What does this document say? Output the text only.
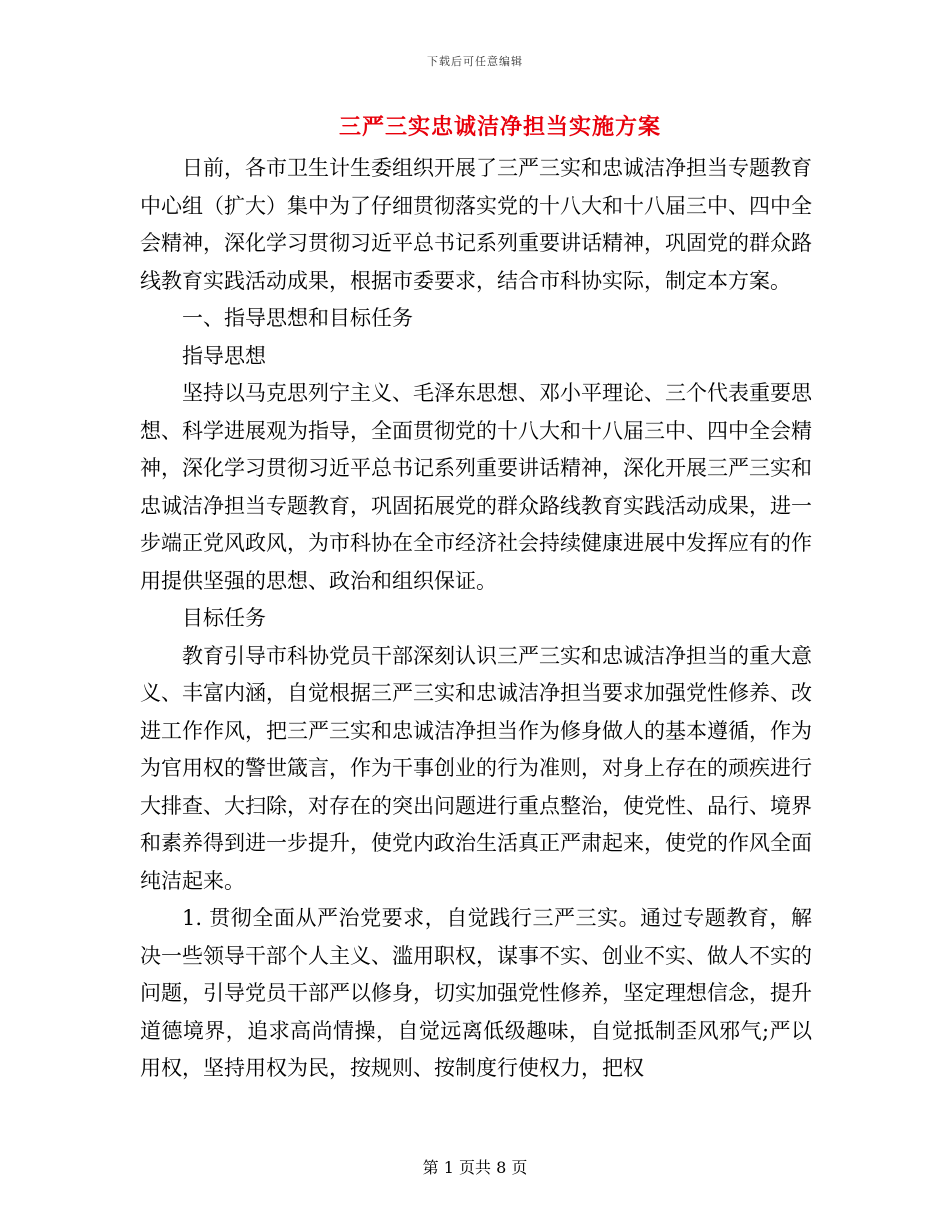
下载后可任意编辑
三严三实忠诚洁净担当实施方案

日前，各市卫生计生委组织开展了三严三实和忠诚洁净担当专题教育中心组（扩大）集中为了仔细贯彻落实党的十八大和十八届三中、四中全会精神，深化学习贯彻习近平总书记系列重要讲话精神，巩固党的群众路线教育实践活动成果，根据市委要求，结合市科协实际，制定本方案。

一、指导思想和目标任务

指导思想

坚持以马克思列宁主义、毛泽东思想、邓小平理论、三个代表重要思想、科学进展观为指导，全面贯彻党的十八大和十八届三中、四中全会精神，深化学习贯彻习近平总书记系列重要讲话精神，深化开展三严三实和忠诚洁净担当专题教育，巩固拓展党的群众路线教育实践活动成果，进一步端正党风政风，为市科协在全市经济社会持续健康进展中发挥应有的作用提供坚强的思想、政治和组织保证。

目标任务

教育引导市科协党员干部深刻认识三严三实和忠诚洁净担当的重大意义、丰富内涵，自觉根据三严三实和忠诚洁净担当要求加强党性修养、改进工作作风，把三严三实和忠诚洁净担当作为修身做人的基本遵循，作为为官用权的警世箴言，作为干事创业的行为准则，对身上存在的顽疾进行大排查、大扫除，对存在的突出问题进行重点整治，使党性、品行、境界和素养得到进一步提升，使党内政治生活真正严肃起来，使党的作风全面纯洁起来。

1. 贯彻全面从严治党要求，自觉践行三严三实。通过专题教育，解决一些领导干部个人主义、滥用职权，谋事不实、创业不实、做人不实的问题，引导党员干部严以修身，切实加强党性修养，坚定理想信念，提升道德境界，追求高尚情操，自觉远离低级趣味，自觉抵制歪风邪气;严以用权，坚持用权为民，按规则、按制度行使权力，把权

第 1 页共 8 页
